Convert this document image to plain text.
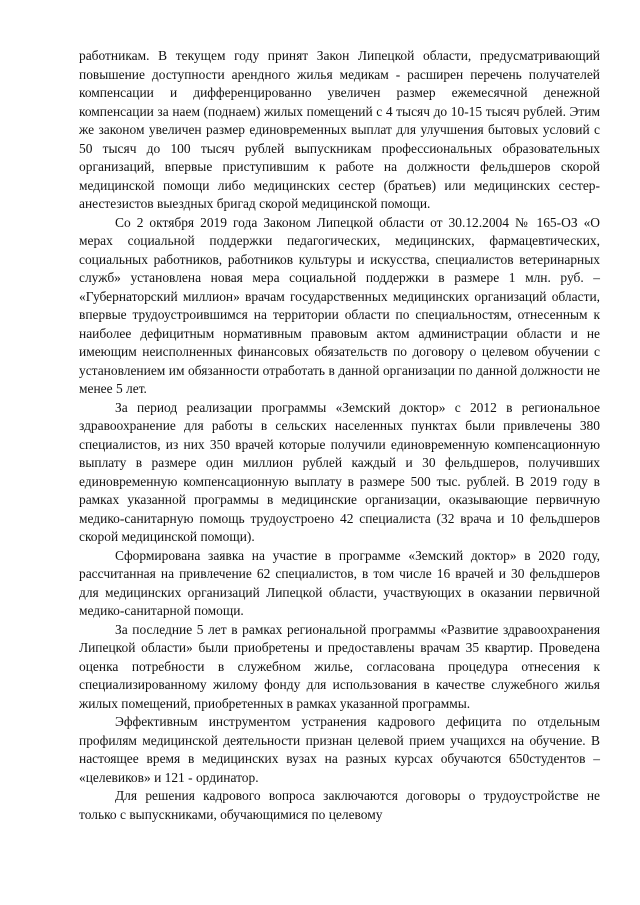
работникам. В текущем году принят Закон Липецкой области, предусматривающий повышение доступности арендного жилья медикам - расширен перечень получателей компенсации и дифференцированно увеличен размер ежемесячной денежной компенсации за наем (поднаем) жилых помещений с 4 тысяч до 10-15 тысяч рублей. Этим же законом увеличен размер единовременных выплат для улучшения бытовых условий с 50 тысяч до 100 тысяч рублей выпускникам профессиональных образовательных организаций, впервые приступившим к работе на должности фельдшеров скорой медицинской помощи либо медицинских сестер (братьев) или медицинских сестер-анестезистов выездных бригад скорой медицинской помощи.

Со 2 октября 2019 года Законом Липецкой области от 30.12.2004 № 165-ОЗ «О мерах социальной поддержки педагогических, медицинских, фармацевтических, социальных работников, работников культуры и искусства, специалистов ветеринарных служб» установлена новая мера социальной поддержки в размере 1 млн. руб. – «Губернаторский миллион» врачам государственных медицинских организаций области, впервые трудоустроившимся на территории области по специальностям, отнесенным к наиболее дефицитным нормативным правовым актом администрации области и не имеющим неисполненных финансовых обязательств по договору о целевом обучении с установлением им обязанности отработать в данной организации по данной должности не менее 5 лет.

За период реализации программы «Земский доктор» с 2012 в региональное здравоохранение для работы в сельских населенных пунктах были привлечены 380 специалистов, из них 350 врачей которые получили единовременную компенсационную выплату в размере один миллион рублей каждый и 30 фельдшеров, получивших единовременную компенсационную выплату в размере 500 тыс. рублей. В 2019 году в рамках указанной программы в медицинские организации, оказывающие первичную медико-санитарную помощь трудоустроено 42 специалиста (32 врача и 10 фельдшеров скорой медицинской помощи).

Сформирована заявка на участие в программе «Земский доктор» в 2020 году, рассчитанная на привлечение 62 специалистов, в том числе 16 врачей и 30 фельдшеров для медицинских организаций Липецкой области, участвующих в оказании первичной медико-санитарной помощи.

За последние 5 лет в рамках региональной программы «Развитие здравоохранения Липецкой области» были приобретены и предоставлены врачам 35 квартир. Проведена оценка потребности в служебном жилье, согласована процедура отнесения к специализированному жилому фонду для использования в качестве служебного жилья жилых помещений, приобретенных в рамках указанной программы.

Эффективным инструментом устранения кадрового дефицита по отдельным профилям медицинской деятельности признан целевой прием учащихся на обучение. В настоящее время в медицинских вузах на разных курсах обучаются 650студентов – «целевиков» и 121 - ординатор.

Для решения кадрового вопроса заключаются договоры о трудоустройстве не только с выпускниками, обучающимися по целевому
